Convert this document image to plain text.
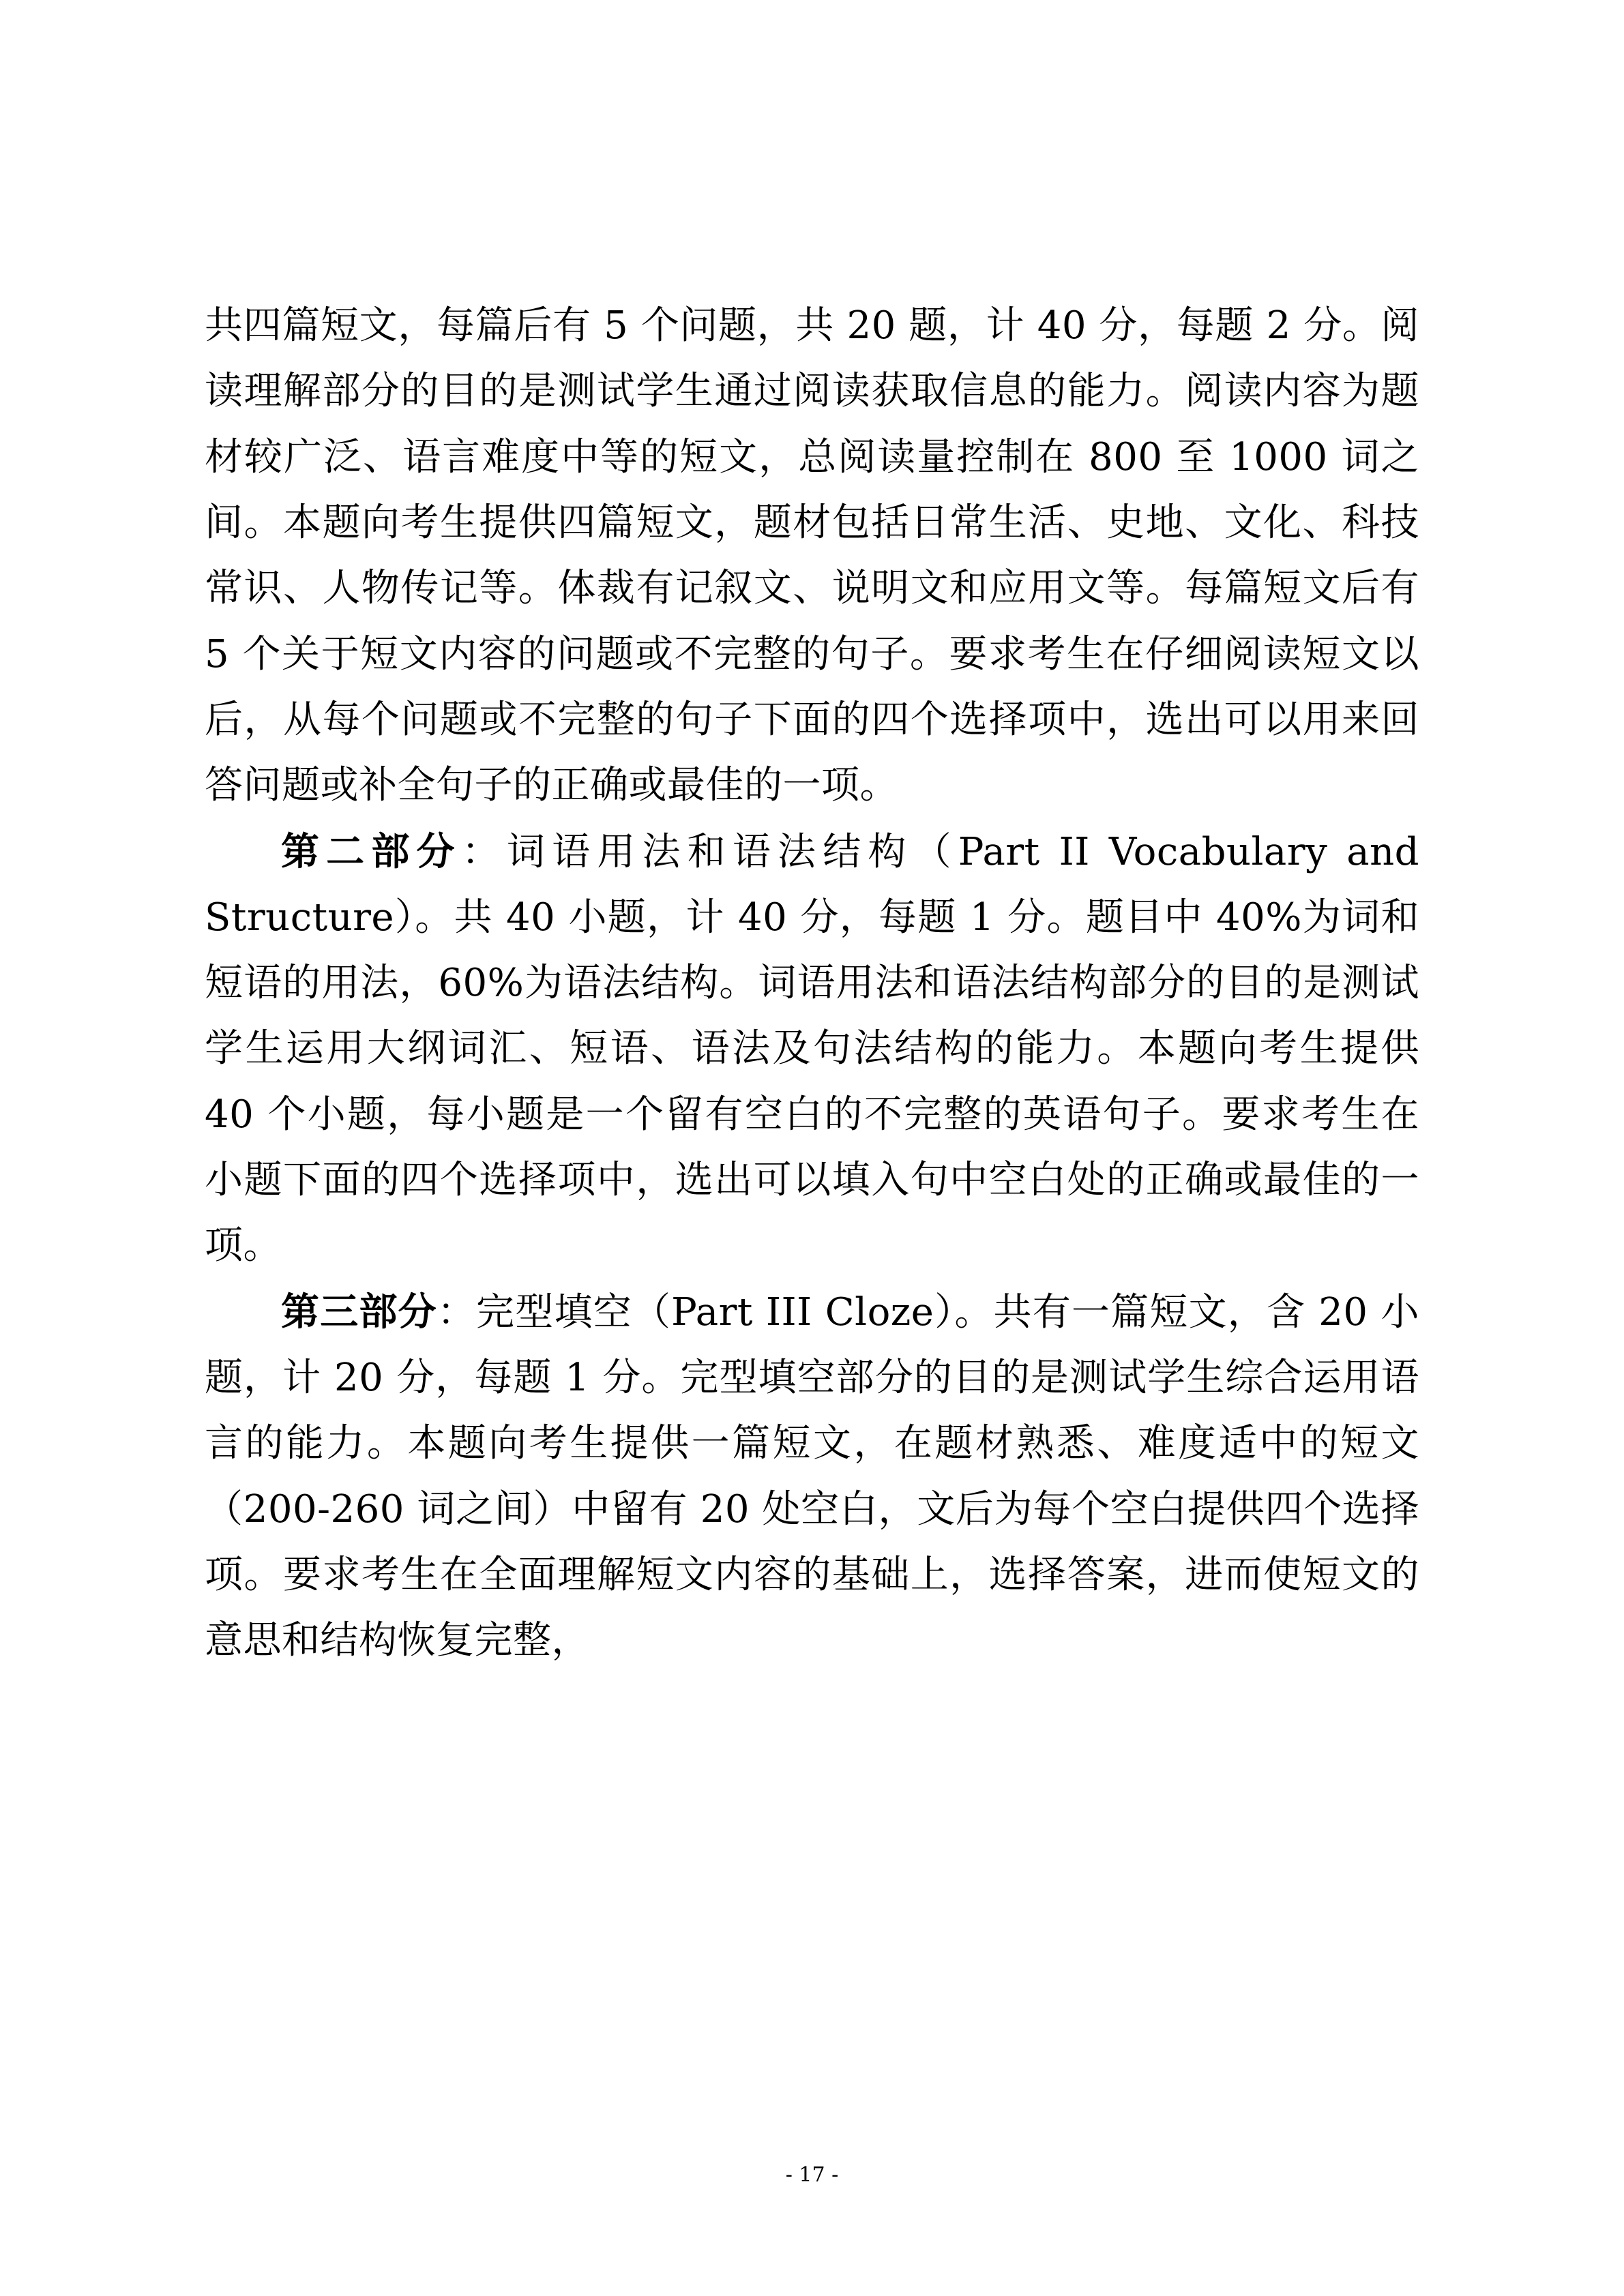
共四篇短文，每篇后有 5 个问题，共 20 题，计 40 分，每题 2 分。阅读理解部分的目的是测试学生通过阅读获取信息的能力。阅读内容为题材较广泛、语言难度中等的短文，总阅读量控制在 800 至 1000 词之间。本题向考生提供四篇短文，题材包括日常生活、史地、文化、科技常识、人物传记等。体裁有记叙文、说明文和应用文等。每篇短文后有 5 个关于短文内容的问题或不完整的句子。要求考生在仔细阅读短文以后，从每个问题或不完整的句子下面的四个选择项中，选出可以用来回答问题或补全句子的正确或最佳的一项。

第二部分：词语用法和语法结构（Part II Vocabulary and Structure）。共 40 小题，计 40 分，每题 1 分。题目中 40%为词和短语的用法，60%为语法结构。词语用法和语法结构部分的目的是测试学生运用大纲词汇、短语、语法及句法结构的能力。本题向考生提供 40 个小题，每小题是一个留有空白的不完整的英语句子。要求考生在小题下面的四个选择项中，选出可以填入句中空白处的正确或最佳的一项。

第三部分：完型填空（Part III Cloze）。共有一篇短文，含 20 小题，计 20 分，每题 1 分。完型填空部分的目的是测试学生综合运用语言的能力。本题向考生提供一篇短文，在题材熟悉、难度适中的短文（200-260 词之间）中留有 20 处空白，文后为每个空白提供四个选择项。要求考生在全面理解短文内容的基础上，选择答案，进而使短文的意思和结构恢复完整，

- 17 -
